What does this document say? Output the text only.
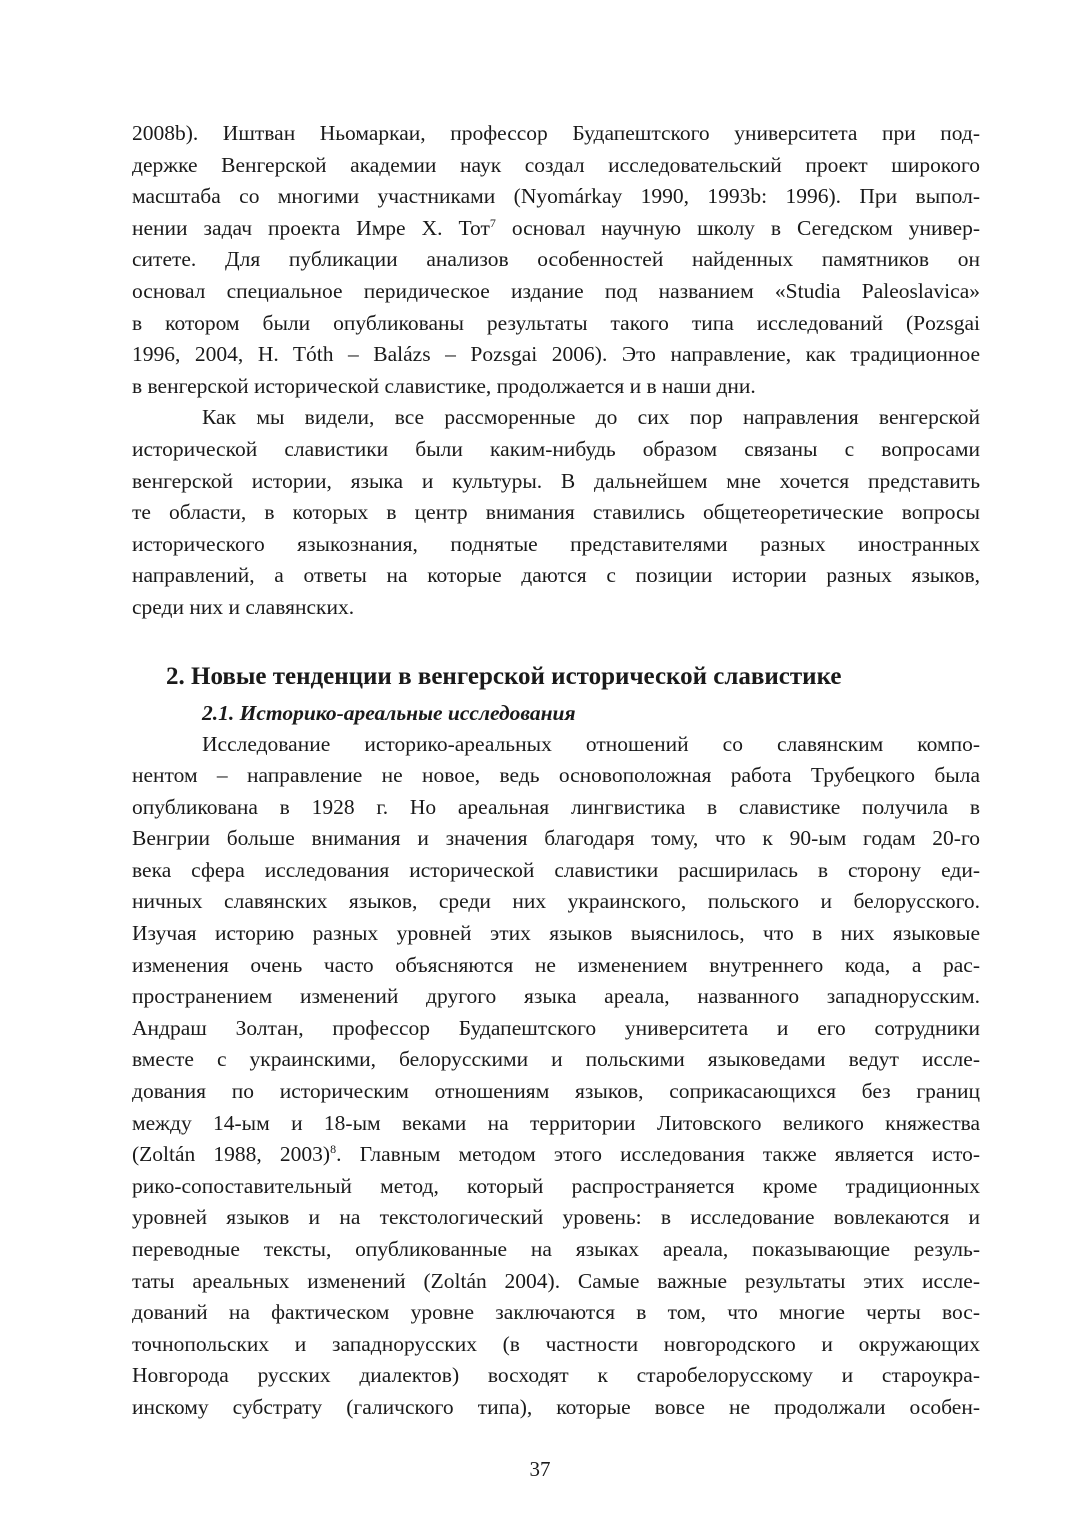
2008b). Иштван Ньомаркаи, профессор Будапештского университета при под-
держке Венгерской академии наук создал исследовательский проект широкого
масштаба со многими участниками (Nyomárkay 1990, 1993b: 1996). При выпол-
нении задач проекта Имре Х. Тот$^7$ основал научную школу в Сегедском универ-
ситете. Для публикации анализов особенностей найденных памятников он
основал специальное перидическое издание под названием «Studia Paleoslavica»
в котором были опубликованы результаты такого типа исследований (Pozsgai
1996, 2004, H. Tóth – Balázs – Pozsgai 2006). Это направление, как традиционное
в венгерской исторической славистике, продолжается и в наши дни.

Как мы видели, все рассморенные до сих пор направления венгерской
исторической славистики были каким-нибудь образом связаны с вопросами
венгерской истории, языка и культуры. В дальнейшем мне хочется представить
те области, в которых в центр внимания ставились общетеоретические вопросы
исторического языкознания, поднятые представителями разных иностранных
направлений, а ответы на которые даются с позиции истории разных языков,
среди них и славянских.

2. Новые тенденции в венгерской исторической славистике
2.1. Историко-ареальные исследования

Исследование историко-ареальных отношений со славянским компо-
нентом – направление не новое, ведь основоположная работа Трубецкого была
опубликована в 1928 г. Но ареальная лингвистика в славистике получила в
Венгрии больше внимания и значения благодаря тому, что к 90-ым годам 20-го
века сфера исследования исторической славистики расширилась в сторону еди-
ничных славянских языков, среди них украинского, польского и белорусского.
Изучая историю разных уровней этих языков выяснилось, что в них языковые
изменения очень часто объясняются не изменением внутреннего кода, а рас-
пространением изменений другого языка ареала, названного западнорусским.
Андраш Золтан, профессор Будапештского университета и его сотрудники
вместе с украинскими, белорусскими и польскими языковедами ведут иссле-
дования по историческим отношениям языков, соприкасающихся без границ
между 14-ым и 18-ым веками на территории Литовского великого княжества
(Zoltán 1988, 2003)$^8$. Главным методом этого исследования также является исто-
рико-сопоставительный метод, который распространяется кроме традиционных
уровней языков и на текстологический уровень: в исследование вовлекаются и
переводные тексты, опубликованные на языках ареала, показывающие резуль-
таты ареальных изменений (Zoltán 2004). Самые важные результаты этих иссле-
дований на фактическом уровне заключаются в том, что многие черты вос-
точнопольских и западнорусских (в частности новгородского и окружающих
Новгорода русских диалектов) восходят к старобелорусскому и староукра-
инскому субстрату (галичского типа), которые вовсе не продолжали особен-

37
